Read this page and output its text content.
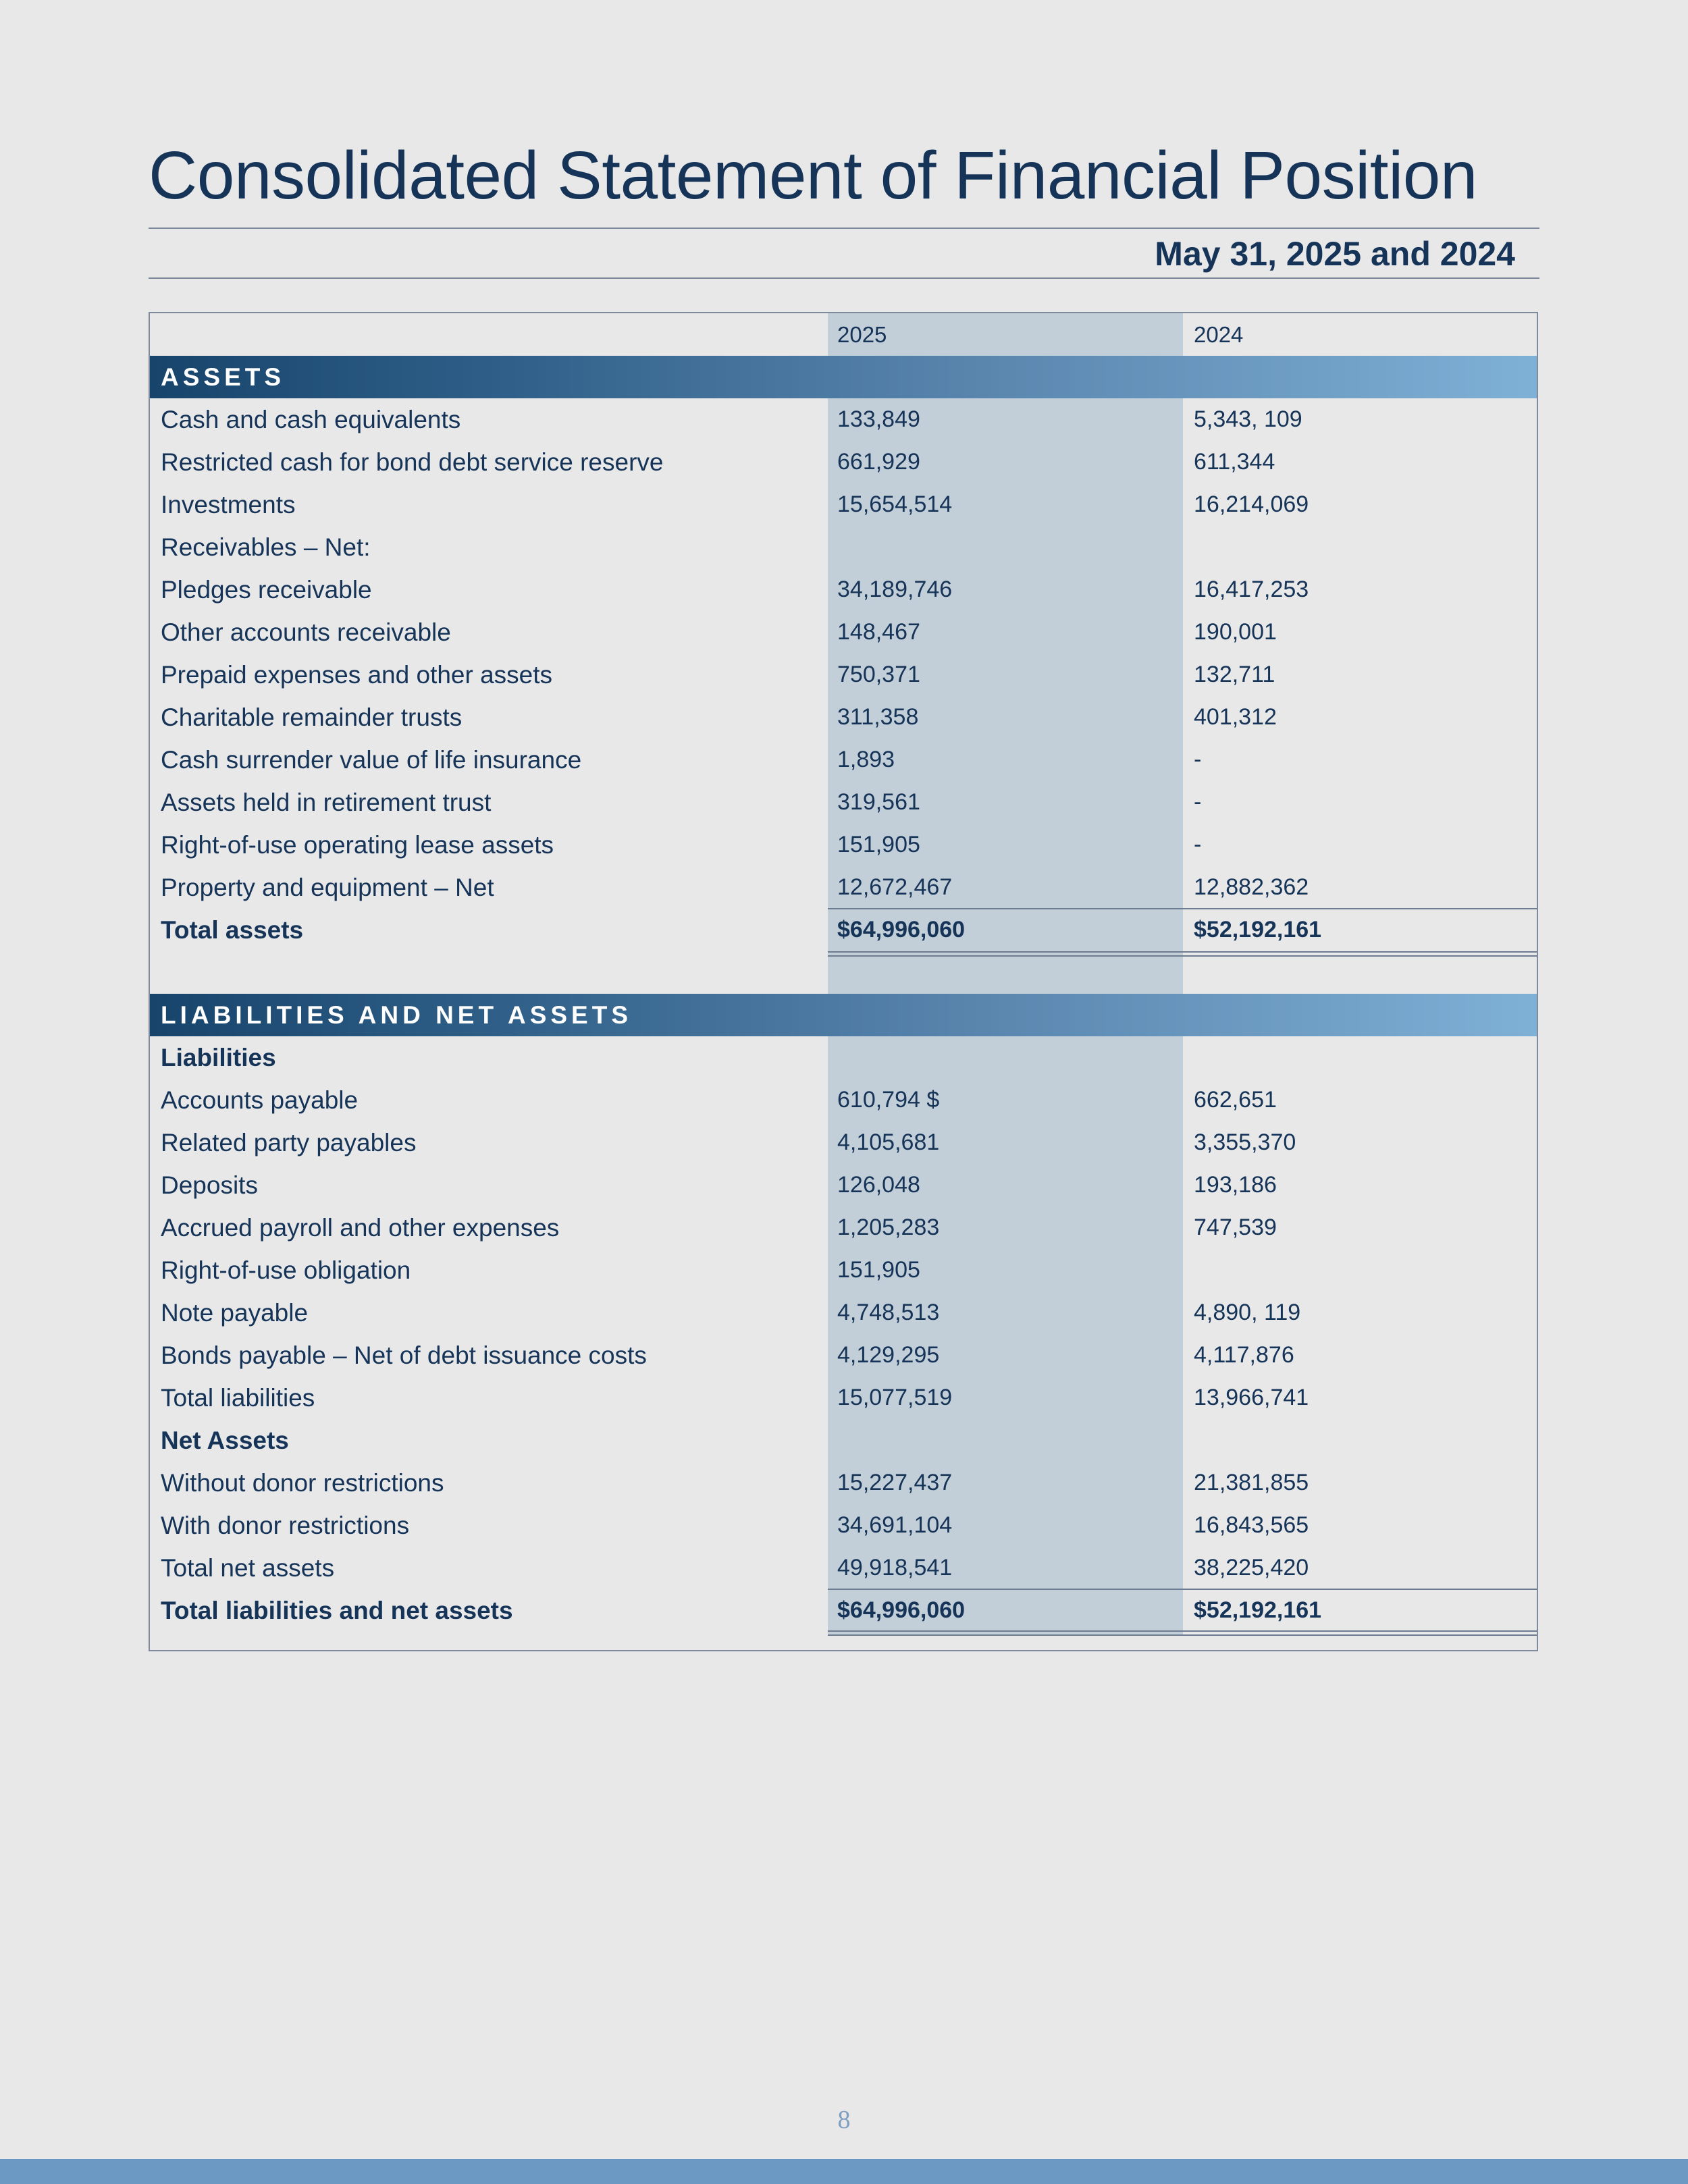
Consolidated Statement of Financial Position
May 31, 2025 and 2024
2025	2024
ASSETS
Cash and cash equivalents	133,849	5,343, 109
Restricted cash for bond debt service reserve	661,929	611,344
Investments	15,654,514	16,214,069
Receivables – Net:
Pledges receivable	34,189,746	16,417,253
Other accounts receivable	148,467	190,001
Prepaid expenses and other assets	750,371	132,711
Charitable remainder trusts	311,358	401,312
Cash surrender value of life insurance	1,893	-
Assets held in retirement trust	319,561	-
Right-of-use operating lease assets	151,905	-
Property and equipment – Net	12,672,467	12,882,362
Total assets	$64,996,060	$52,192,161
LIABILITIES AND NET ASSETS
Liabilities
Accounts payable	610,794 $	662,651
Related party payables	4,105,681	3,355,370
Deposits	126,048	193,186
Accrued payroll and other expenses	1,205,283	747,539
Right-of-use obligation	151,905
Note payable	4,748,513	4,890, 119
Bonds payable – Net of debt issuance costs	4,129,295	4,117,876
Total liabilities	15,077,519	13,966,741
Net Assets
Without donor restrictions	15,227,437	21,381,855
With donor restrictions	34,691,104	16,843,565
Total net assets	49,918,541	38,225,420
Total liabilities and net assets	$64,996,060	$52,192,161
8
